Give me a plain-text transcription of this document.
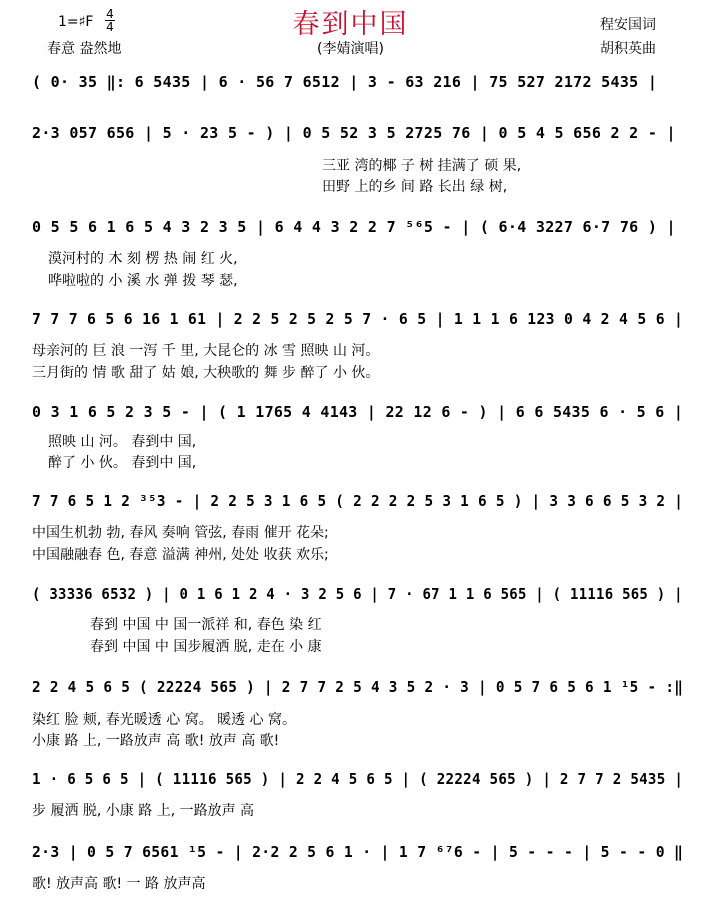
春到中国
1=♯F 4
4
春意 盎然地	(李婧演唱)
程安国词
胡积英曲
( 0· 35 ‖: 6 5435 | 6 · 56 7 6512 | 3 - 63 216 | 75 527 2172 5435 |
2·3 057 656 | 5 · 23 5 - ) | 0 5 52 3 5 2725 76 | 0 5 4 5 656 2 2 - |
三亚 湾的椰 子 树 挂满了 硕 果,
田野 上的乡 间 路 长出 绿 树,
0 5 5 6 1 6 5 4 3 2 3 5 | 6 4 4 3 2 2 7 ⁵⁶5 - | ( 6·4 3227 6·7 76 ) |
漠河村的 木 刻 楞 热 闹 红 火,
哗啦啦的 小 溪 水 弹 拨 琴 瑟,
7 7 7 6 5 6 16 1 61 | 2 2 5 2 5 2 5 7 · 6 5 | 1 1 1 6 123 0 4 2 4 5 6 |
母亲河的 巨 浪 一泻 千 里, 大昆仑的 冰 雪 照映 山 河。
三月街的 情 歌 甜了 姑 娘, 大秧歌的 舞 步 醉了 小 伙。
0 3 1 6 5 2 3 5 - | ( 1 1765 4 4143 | 22 12 6 - ) | 6 6 5435 6 · 5 6 |
照映 山 河。 春到中 国,
醉了 小 伙。 春到中 国,
7 7 6 5 1 2 ³⁵3 - | 2 2 5 3 1 6 5 ( 2 2 2 2 5 3 1 6 5 ) | 3 3 6 6 5 3 2 |
中国生机勃 勃, 春风 奏响 管弦, 春雨 催开 花朵;
中国融融春 色, 春意 溢满 神州, 处处 收获 欢乐;
( 33336 6532 ) | 0 1 6 1 2 4 · 3 2 5 6 | 7 · 67 1 1 6 565 | ( 11116 565 ) |
春到 中国 中 国一派祥 和, 春色 染 红
春到 中国 中 国步履洒 脱, 走在 小 康
2 2 4 5 6 5 ( 22224 565 ) | 2 7 7 2 5 4 3 5 2 · 3 | 0 5 7 6 5 6 1 ¹5 - :‖
染红 脸 颊, 春光暖透 心 窝。 暖透 心 窝。
小康 路 上, 一路放声 高 歌! 放声 高 歌!
1 · 6 5 6 5 | ( 11116 565 ) | 2 2 4 5 6 5 | ( 22224 565 ) | 2 7 7 2 5435 |
步 履洒 脱, 小康 路 上, 一路放声 高
2·3 | 0 5 7 6561 ¹5 - | 2·2 2 5 6 1 · | 1 7 ⁶⁷6 - | 5 - - - | 5 - - 0 ‖
歌! 放声高 歌! 一 路 放声高
